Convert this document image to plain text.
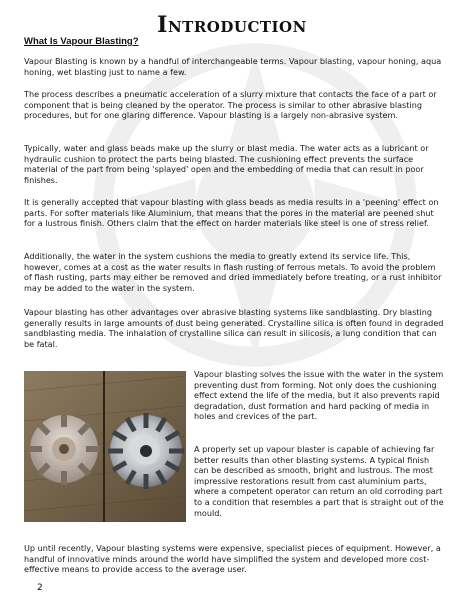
Introduction
What Is Vapour Blasting?

Vapour Blasting is known by a handful of interchangeable terms. Vapour blasting, vapour honing, aqua honing, wet blasting just to name a few.

The process describes a pneumatic acceleration of a slurry mixture that contacts the face of a part or component that is being cleaned by the operator. The process is similar to other abrasive blasting procedures, but for one glaring difference. Vapour blasting is a largely non-abrasive system.

Typically, water and glass beads make up the slurry or blast media. The water acts as a lubricant or hydraulic cushion to protect the parts being blasted. The cushioning effect prevents the surface material of the part from being 'splayed' open and the embedding of media that can result in poor finishes.

It is generally accepted that vapour blasting with glass beads as media results in a 'peening' effect on parts. For softer materials like Aluminium, that means that the pores in the material are peened shut for a lustrous finish. Others claim that the effect on harder materials like steel is one of stress relief.

Additionally, the water in the system cushions the media to greatly extend its service life. This, however, comes at a cost as the water results in flash rusting of ferrous metals. To avoid the problem of flash rusting, parts may either be removed and dried immediately before treating, or a rust inhibitor may be added to the water in the system.

Vapour blasting has other advantages over abrasive blasting systems like sandblasting. Dry blasting generally results in large amounts of dust being generated. Crystalline silica is often found in degraded sandblasting media. The inhalation of crystalline silica can result in silicosis, a lung condition that can be fatal.

Vapour blasting solves the issue with the water in the system preventing dust from forming. Not only does the cushioning effect extend the life of the media, but it also prevents rapid degradation, dust formation and hard packing of media in holes and crevices of the part.

A properly set up vapour blaster is capable of achieving far better results than other blasting systems. A typical finish can be described as smooth, bright and lustrous. The most impressive restorations result from cast aluminium parts, where a competent operator can return an old corroding part to a condition that resembles a part that is straight out of the mould.

Up until recently, Vapour blasting systems were expensive, specialist pieces of equipment. However, a handful of innovative minds around the world have simplified the system and developed more cost-effective means to provide access to the average user.

2
